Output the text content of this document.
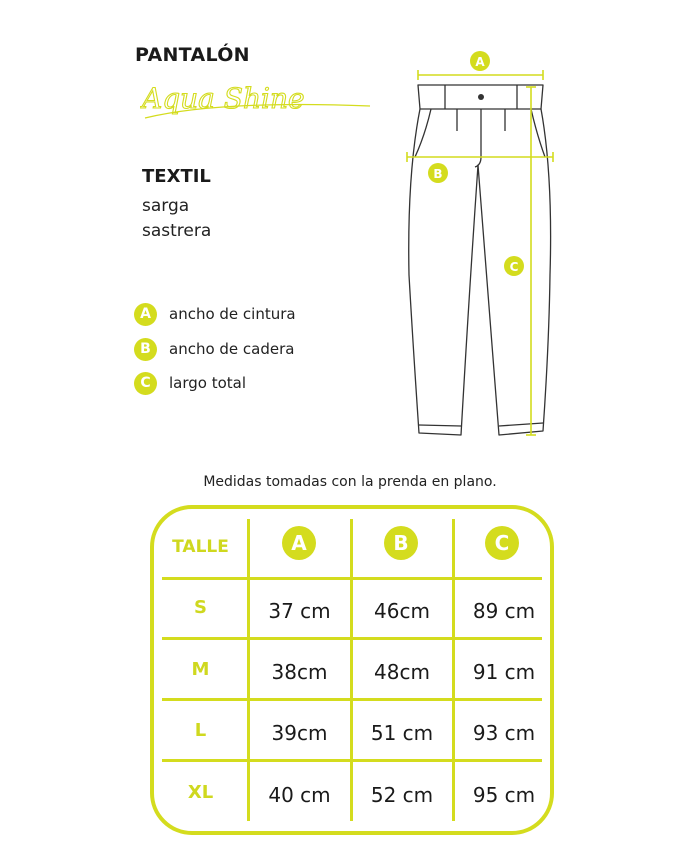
PANTALÓN
Aqua Shine
TEXTIL
sarga
sastrera
A	ancho de cintura
B	ancho de cadera
C	largo total
A
B
C
Medidas tomadas con la prenda en plano.
TALLE	A	B	C
S	37 cm	46cm	89 cm
M	38cm	48cm	91 cm
L	39cm	51 cm	93 cm
XL	40 cm	52 cm	95 cm
